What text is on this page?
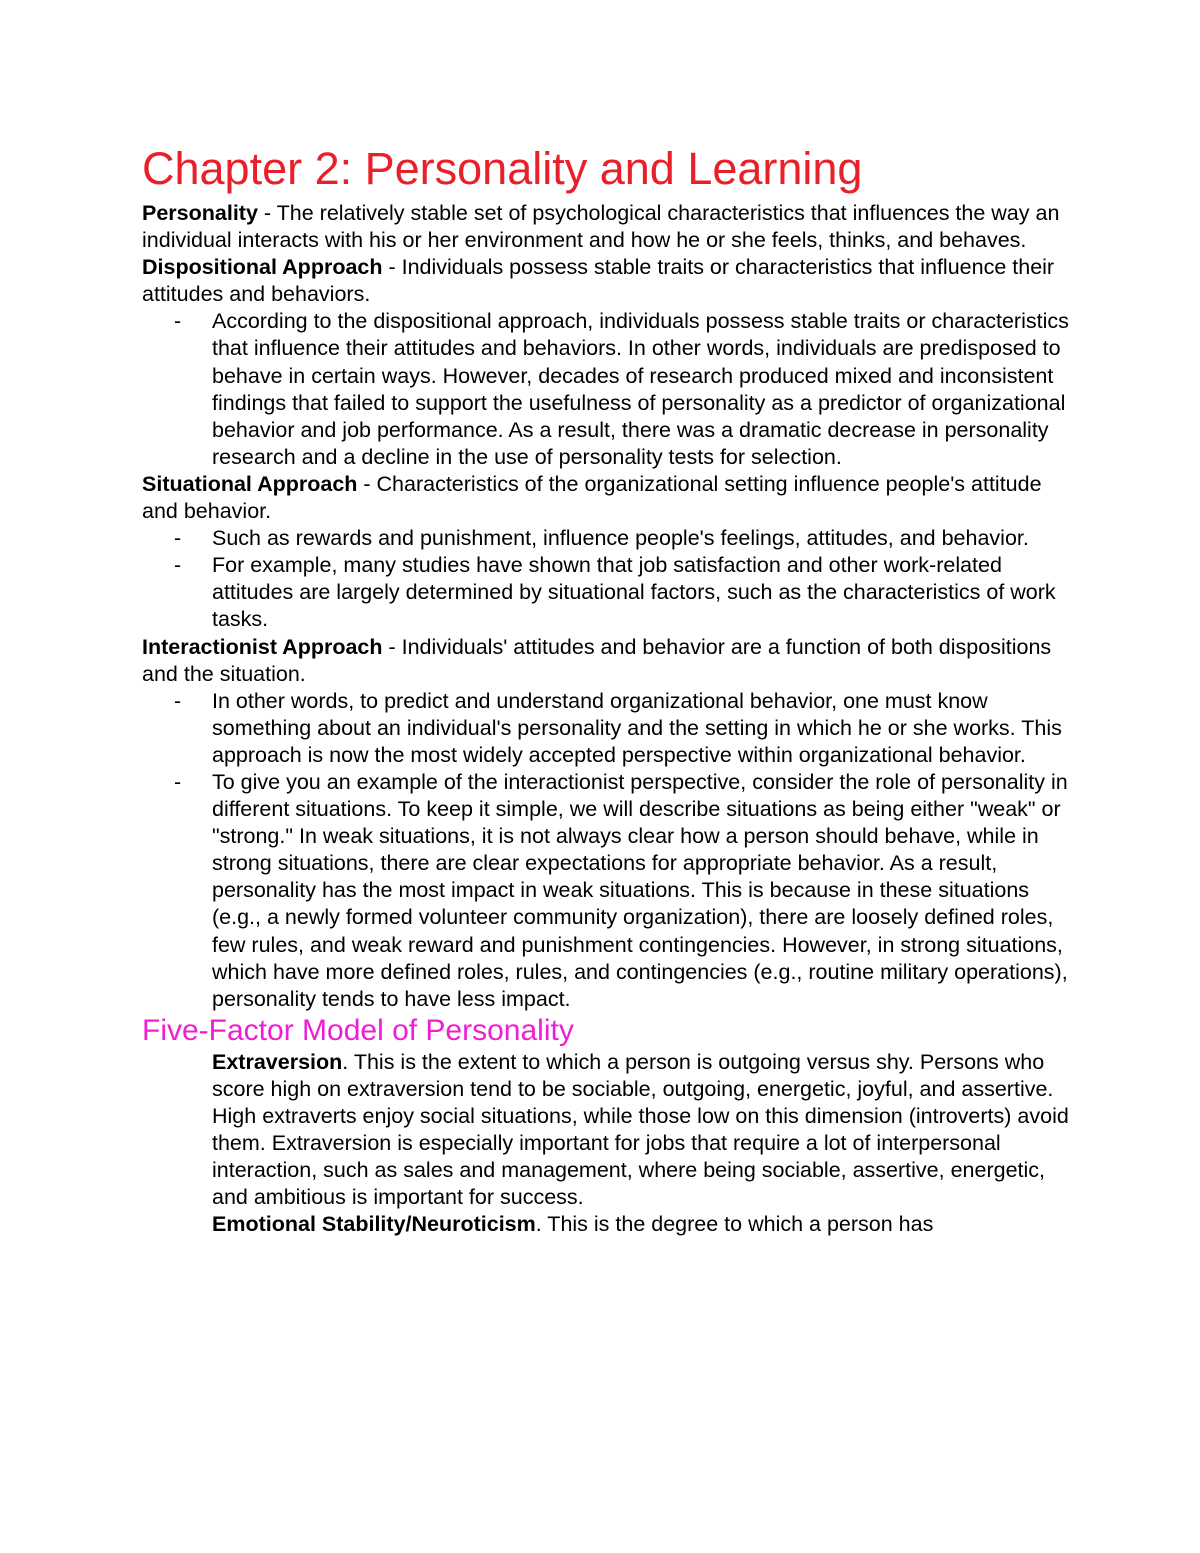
Chapter 2: Personality and Learning

Personality - The relatively stable set of psychological characteristics that influences the way an individual interacts with his or her environment and how he or she feels, thinks, and behaves.

Dispositional Approach - Individuals possess stable traits or characteristics that influence their attitudes and behaviors.

- According to the dispositional approach, individuals possess stable traits or characteristics that influence their attitudes and behaviors. In other words, individuals are predisposed to behave in certain ways. However, decades of research produced mixed and inconsistent findings that failed to support the usefulness of personality as a predictor of organizational behavior and job performance. As a result, there was a dramatic decrease in personality research and a decline in the use of personality tests for selection.

Situational Approach - Characteristics of the organizational setting influence people's attitude and behavior.

- Such as rewards and punishment, influence people's feelings, attitudes, and behavior.
- For example, many studies have shown that job satisfaction and other work-related attitudes are largely determined by situational factors, such as the characteristics of work tasks.

Interactionist Approach - Individuals' attitudes and behavior are a function of both dispositions and the situation.

- In other words, to predict and understand organizational behavior, one must know something about an individual's personality and the setting in which he or she works. This approach is now the most widely accepted perspective within organizational behavior.
- To give you an example of the interactionist perspective, consider the role of personality in different situations. To keep it simple, we will describe situations as being either "weak" or "strong." In weak situations, it is not always clear how a person should behave, while in strong situations, there are clear expectations for appropriate behavior. As a result, personality has the most impact in weak situations. This is because in these situations (e.g., a newly formed volunteer community organization), there are loosely defined roles, few rules, and weak reward and punishment contingencies. However, in strong situations, which have more defined roles, rules, and contingencies (e.g., routine military operations), personality tends to have less impact.
Five-Factor Model of Personality

Extraversion. This is the extent to which a person is outgoing versus shy. Persons who score high on extraversion tend to be sociable, outgoing, energetic, joyful, and assertive. High extraverts enjoy social situations, while those low on this dimension (introverts) avoid them. Extraversion is especially important for jobs that require a lot of interpersonal interaction, such as sales and management, where being sociable, assertive, energetic, and ambitious is important for success.

Emotional Stability/Neuroticism. This is the degree to which a person has
